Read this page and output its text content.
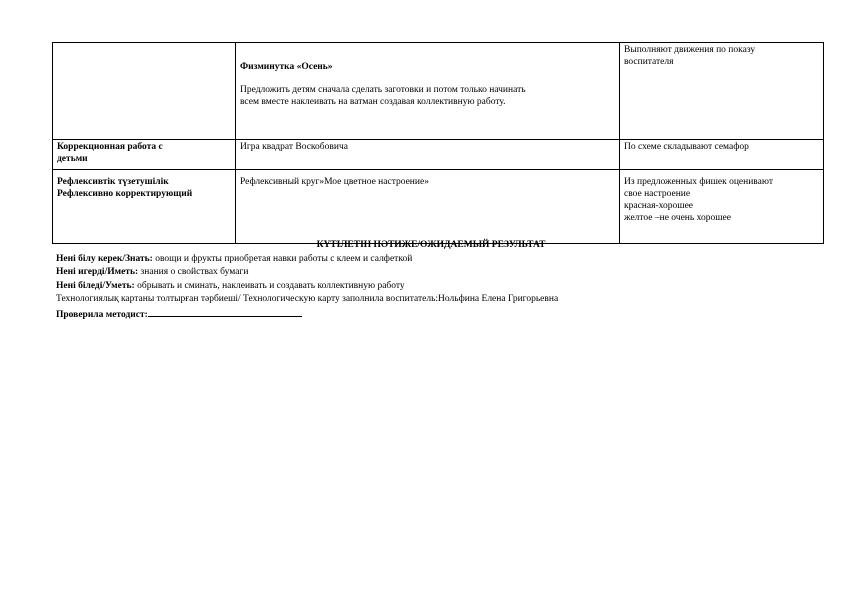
	Физминутка «Осень»
Предложить детям сначала сделать заготовки и потом только начинать
всем вместе наклеивать на ватман создавая коллективную работу.	Выполняют движения по показу
воспитателя

Коррекционная работа с
детьми	Игра квадрат Воскобовича	По схеме складывают семафор

Рефлексивтік түзетушілік
Рефлексивно корректирующий	Рефлексивный круг»Мое цветное настроение»	Из предложенных фишек оценивают
свое настроение
красная-хорошее
желтое –не очень хорошее
КҮТІЛЕТІН НӘТИЖЕ/ОЖИДАЕМЫЙ РЕЗУЛЬТАТ
Нені білу керек/Знать: овощи и фрукты приобретая навки работы с клеем и салфеткой
Нені игерді/Иметь: знания о свойствах бумаги
Нені біледі/Уметь: обрывать и сминать, наклеивать и создавать коллективную работу
Технологиялық картаны толтырған тәрбиеші/ Технологическую карту заполнила воспитатель:Нольфина Елена Григорьевна
Проверила методист:
